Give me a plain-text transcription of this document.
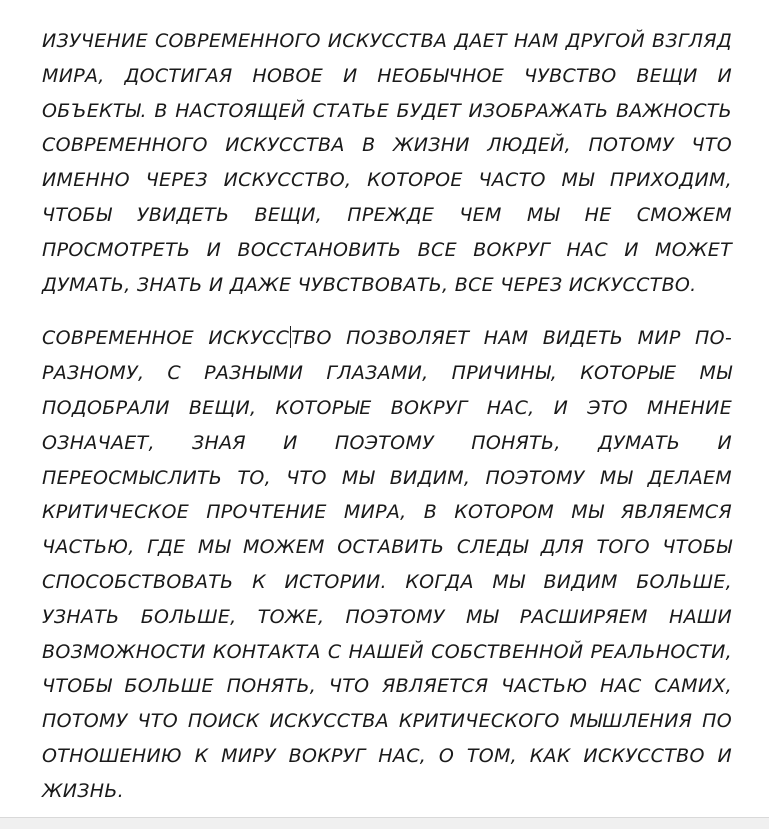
ИЗУЧЕНИЕ СОВРЕМЕННОГО ИСКУССТВА ДАЕТ НАМ ДРУГОЙ ВЗГЛЯД МИРА, ДОСТИГАЯ НОВОЕ И НЕОБЫЧНОЕ ЧУВСТВО ВЕЩИ И ОБЪЕКТЫ. В НАСТОЯЩЕЙ СТАТЬЕ БУДЕТ ИЗОБРАЖАТЬ ВАЖНОСТЬ СОВРЕМЕННОГО ИСКУССТВА В ЖИЗНИ ЛЮДЕЙ, ПОТОМУ ЧТО ИМЕННО ЧЕРЕЗ ИСКУССТВО, КОТОРОЕ ЧАСТО МЫ ПРИХОДИМ, ЧТОБЫ УВИДЕТЬ ВЕЩИ, ПРЕЖДЕ ЧЕМ МЫ НЕ СМОЖЕМ ПРОСМОТРЕТЬ И ВОССТАНОВИТЬ ВСЕ ВОКРУГ НАС И МОЖЕТ ДУМАТЬ, ЗНАТЬ И ДАЖЕ ЧУВСТВОВАТЬ, ВСЕ ЧЕРЕЗ ИСКУССТВО.

СОВРЕМЕННОЕ ИСКУСС ТВО ПОЗВОЛЯЕТ НАМ ВИДЕТЬ МИР ПО-РАЗНОМУ, С РАЗНЫМИ ГЛАЗАМИ, ПРИЧИНЫ, КОТОРЫЕ МЫ ПОДОБРАЛИ ВЕЩИ, КОТОРЫЕ ВОКРУГ НАС, И ЭТО МНЕНИЕ ОЗНАЧАЕТ, ЗНАЯ И ПОЭТОМУ ПОНЯТЬ, ДУМАТЬ И ПЕРЕОСМЫСЛИТЬ ТО, ЧТО МЫ ВИДИМ, ПОЭТОМУ МЫ ДЕЛАЕМ КРИТИЧЕСКОЕ ПРОЧТЕНИЕ МИРА, В КОТОРОМ МЫ ЯВЛЯЕМСЯ ЧАСТЬЮ, ГДЕ МЫ МОЖЕМ ОСТАВИТЬ СЛЕДЫ ДЛЯ ТОГО ЧТОБЫ СПОСОБСТВОВАТЬ К ИСТОРИИ. КОГДА МЫ ВИДИМ БОЛЬШЕ, УЗНАТЬ БОЛЬШЕ, ТОЖЕ, ПОЭТОМУ МЫ РАСШИРЯЕМ НАШИ ВОЗМОЖНОСТИ КОНТАКТА С НАШЕЙ СОБСТВЕННОЙ РЕАЛЬНОСТИ, ЧТОБЫ БОЛЬШЕ ПОНЯТЬ, ЧТО ЯВЛЯЕТСЯ ЧАСТЬЮ НАС САМИХ, ПОТОМУ ЧТО ПОИСК ИСКУССТВА КРИТИЧЕСКОГО МЫШЛЕНИЯ ПО ОТНОШЕНИЮ К МИРУ ВОКРУГ НАС, О ТОМ, КАК ИСКУССТВО И ЖИЗНЬ.
